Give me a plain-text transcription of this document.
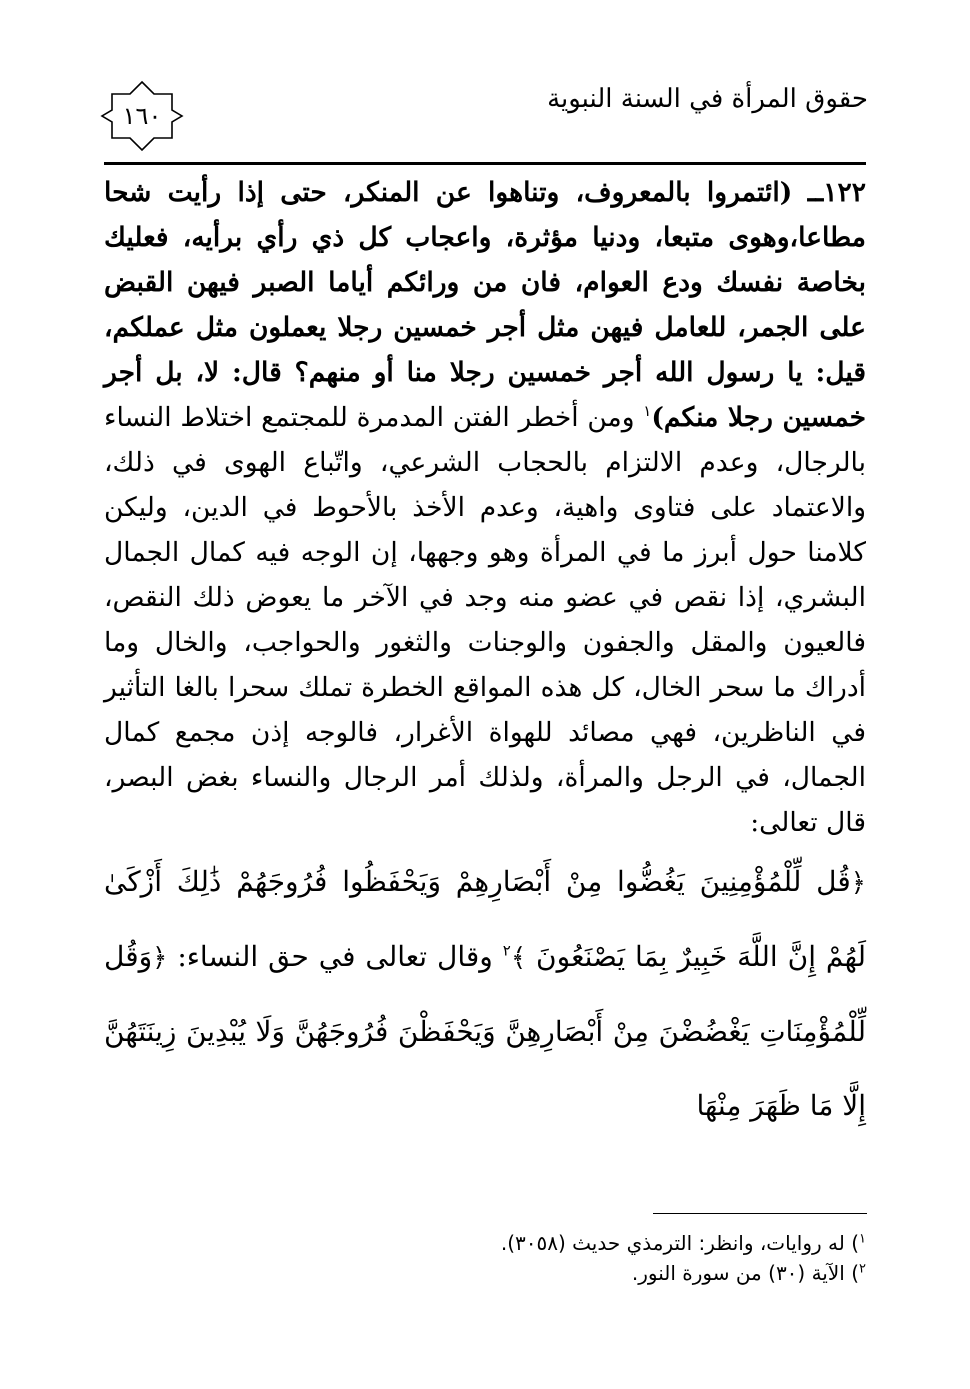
حقوق المرأة في السنة النبوية
١٦٠

١٢٢ــ (ائتمروا بالمعروف، وتناهوا عن المنكر، حتى إذا رأيت شحا مطاعا،وهوى متبعا، ودنيا مؤثرة، واعجاب كل ذي رأي برأيه، فعليك بخاصة نفسك ودع العوام، فان من ورائكم أياما الصبر فيهن القبض على الجمر، للعامل فيهن مثل أجر خمسين رجلا يعملون مثل عملكم، قيل: يا رسول الله أجر خمسين رجلا منا أو منهم؟ قال: لا، بل أجر خمسين رجلا منكم)$^١$ ومن أخطر الفتن المدمرة للمجتمع اختلاط النساء بالرجال، وعدم الالتزام بالحجاب الشرعي، واتّباع الهوى في ذلك، والاعتماد على فتاوى واهية، وعدم الأخذ بالأحوط في الدين، وليكن كلامنا حول أبرز ما في المرأة وهو وجهها، إن الوجه فيه كمال الجمال البشري، إذا نقص في عضو منه وجد في الآخر ما يعوض ذلك النقص، فالعيون والمقل والجفون والوجنات والثغور والحواجب، والخال وما أدراك ما سحر الخال، كل هذه المواقع الخطرة تملك سحرا بالغا التأثير في الناظرين، فهي مصائد للهواة الأغرار، فالوجه إذن مجمع كمال الجمال، في الرجل والمرأة، ولذلك أمر الرجال والنساء بغض البصر، قال تعالى:

﴿قُل لِّلْمُؤْمِنِينَ يَغُضُّوا مِنْ أَبْصَارِهِمْ وَيَحْفَظُوا فُرُوجَهُمْ ذَٰلِكَ أَزْكَىٰ لَهُمْ إِنَّ اللَّهَ خَبِيرٌ بِمَا يَصْنَعُونَ ﴾$^٢$ وقال تعالى في حق النساء: ﴿وَقُل لِّلْمُؤْمِنَاتِ يَغْضُضْنَ مِنْ أَبْصَارِهِنَّ وَيَحْفَظْنَ فُرُوجَهُنَّ وَلَا يُبْدِينَ زِينَتَهُنَّ إِلَّا مَا ظَهَرَ مِنْهَا

$^١$) له روايات، وانظر: الترمذي حديث (٣٠٥٨).
$^٢$) الآية (٣٠) من سورة النور.
